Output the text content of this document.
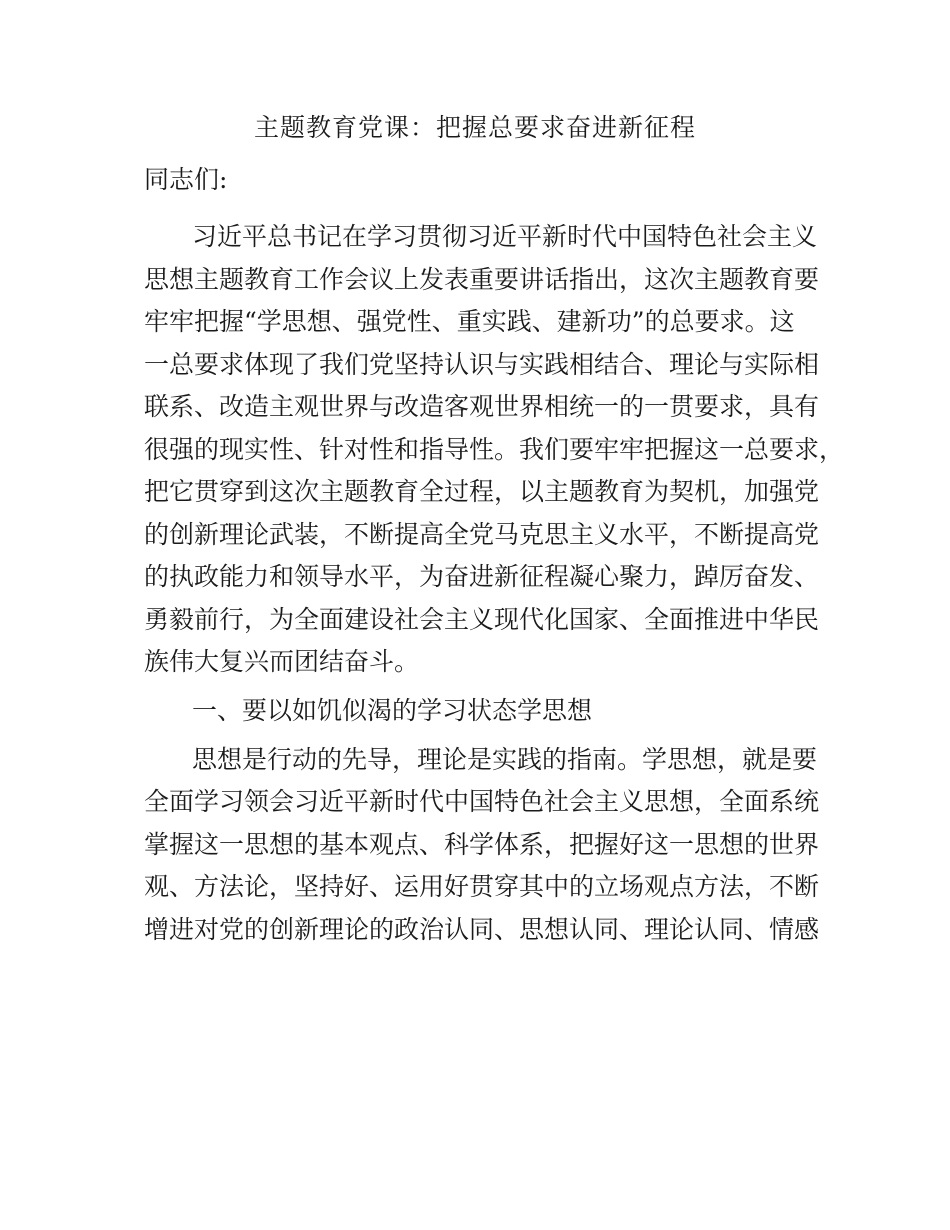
主题教育党课：把握总要求奋进新征程
同志们:
习近平总书记在学习贯彻习近平新时代中国特色社会主义
思想主题教育工作会议上发表重要讲话指出，这次主题教育要
牢牢把握“学思想、强党性、重实践、建新功”的总要求。这
一总要求体现了我们党坚持认识与实践相结合、理论与实际相
联系、改造主观世界与改造客观世界相统一的一贯要求，具有
很强的现实性、针对性和指导性。我们要牢牢把握这一总要求，
把它贯穿到这次主题教育全过程，以主题教育为契机，加强党
的创新理论武装，不断提高全党马克思主义水平，不断提高党
的执政能力和领导水平，为奋进新征程凝心聚力，踔厉奋发、
勇毅前行，为全面建设社会主义现代化国家、全面推进中华民
族伟大复兴而团结奋斗。
一、要以如饥似渴的学习状态学思想
思想是行动的先导，理论是实践的指南。学思想，就是要
全面学习领会习近平新时代中国特色社会主义思想，全面系统
掌握这一思想的基本观点、科学体系，把握好这一思想的世界
观、方法论，坚持好、运用好贯穿其中的立场观点方法，不断
增进对党的创新理论的政治认同、思想认同、理论认同、情感
